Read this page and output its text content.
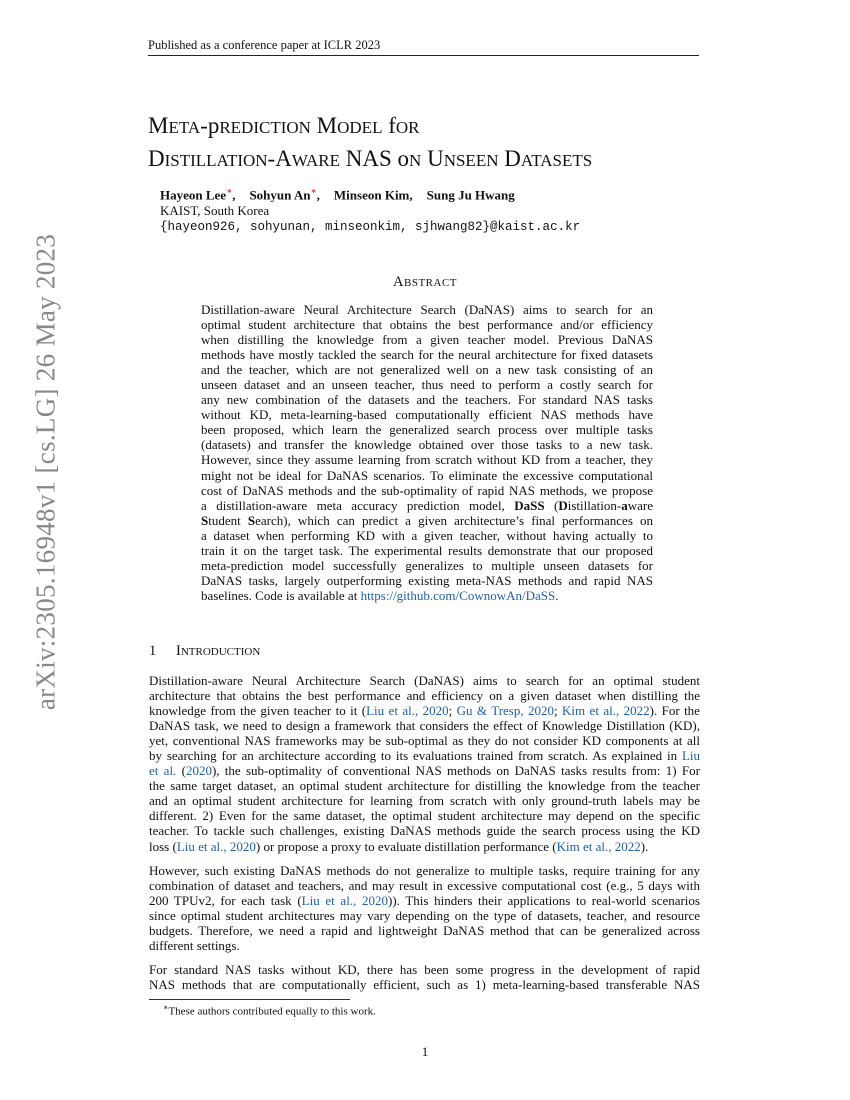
Published as a conference paper at ICLR 2023
arXiv:2305.16948v1 [cs.LG] 26 May 2023
META-pREDICTION MODEL fOR
DISTILLATION-AWARE NAS oN UNSEEN DATASETS
Hayeon Lee∗, Sohyun An∗, Minseon Kim, Sung Ju Hwang
KAIST, South Korea
{hayeon926, sohyunan, minseonkim, sjhwang82}@kaist.ac.kr
ABSTRACT
Distillation-aware Neural Architecture Search (DaNAS) aims to search for an
optimal student architecture that obtains the best performance and/or efficiency
when distilling the knowledge from a given teacher model. Previous DaNAS
methods have mostly tackled the search for the neural architecture for fixed datasets
and the teacher, which are not generalized well on a new task consisting of an
unseen dataset and an unseen teacher, thus need to perform a costly search for
any new combination of the datasets and the teachers. For standard NAS tasks
without KD, meta-learning-based computationally efficient NAS methods have
been proposed, which learn the generalized search process over multiple tasks
(datasets) and transfer the knowledge obtained over those tasks to a new task.
However, since they assume learning from scratch without KD from a teacher, they
might not be ideal for DaNAS scenarios. To eliminate the excessive computational
cost of DaNAS methods and the sub-optimality of rapid NAS methods, we propose
a distillation-aware meta accuracy prediction model, DaSS (Distillation-aware
Student Search), which can predict a given architecture’s final performances on
a dataset when performing KD with a given teacher, without having actually to
train it on the target task. The experimental results demonstrate that our proposed
meta-prediction model successfully generalizes to multiple unseen datasets for
DaNAS tasks, largely outperforming existing meta-NAS methods and rapid NAS
baselines. Code is available at https://github.com/CownowAn/DaSS.
1 INTRODUCTION
Distillation-aware Neural Architecture Search (DaNAS) aims to search for an optimal student
architecture that obtains the best performance and efficiency on a given dataset when distilling the
knowledge from the given teacher to it (Liu et al., 2020; Gu & Tresp, 2020; Kim et al., 2022). For the
DaNAS task, we need to design a framework that considers the effect of Knowledge Distillation (KD),
yet, conventional NAS frameworks may be sub-optimal as they do not consider KD components at all
by searching for an architecture according to its evaluations trained from scratch. As explained in Liu
et al. (2020), the sub-optimality of conventional NAS methods on DaNAS tasks results from: 1) For
the same target dataset, an optimal student architecture for distilling the knowledge from the teacher
and an optimal student architecture for learning from scratch with only ground-truth labels may be
different. 2) Even for the same dataset, the optimal student architecture may depend on the specific
teacher. To tackle such challenges, existing DaNAS methods guide the search process using the KD
loss (Liu et al., 2020) or propose a proxy to evaluate distillation performance (Kim et al., 2022).
However, such existing DaNAS methods do not generalize to multiple tasks, require training for any
combination of dataset and teachers, and may result in excessive computational cost (e.g., 5 days with
200 TPUv2, for each task (Liu et al., 2020)). This hinders their applications to real-world scenarios
since optimal student architectures may vary depending on the type of datasets, teacher, and resource
budgets. Therefore, we need a rapid and lightweight DaNAS method that can be generalized across
different settings.
For standard NAS tasks without KD, there has been some progress in the development of rapid
NAS methods that are computationally efficient, such as 1) meta-learning-based transferable NAS
∗These authors contributed equally to this work.
1
